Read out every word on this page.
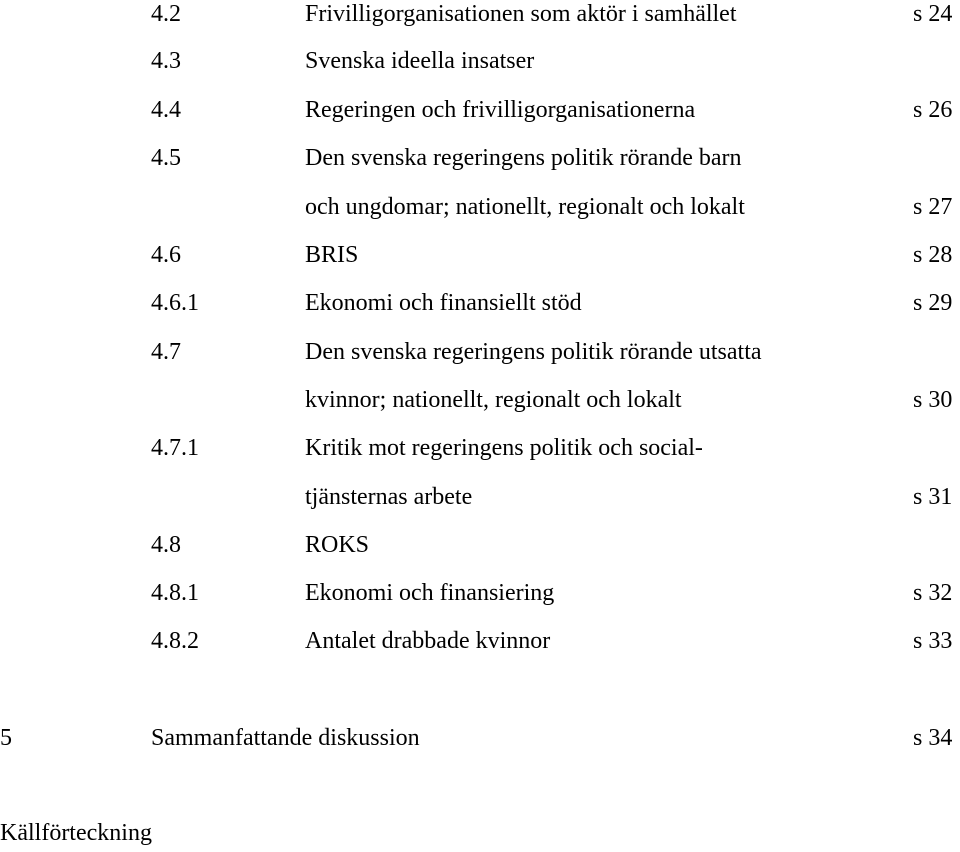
4.2	Frivilligorganisationen som aktör i samhället	s 24
4.3	Svenska ideella insatser
4.4	Regeringen och frivilligorganisationerna	s 26
4.5	Den svenska regeringens politik rörande barn
och ungdomar; nationellt, regionalt och lokalt	s 27
4.6	BRIS	s 28
4.6.1	Ekonomi och finansiellt stöd	s 29
4.7	Den svenska regeringens politik rörande utsatta
kvinnor; nationellt, regionalt och lokalt	s 30
4.7.1	Kritik mot regeringens politik och social-
tjänsternas arbete	s 31
4.8	ROKS
4.8.1	Ekonomi och finansiering	s 32
4.8.2	Antalet drabbade kvinnor	s 33
5	Sammanfattande diskussion	s 34
Källförteckning
